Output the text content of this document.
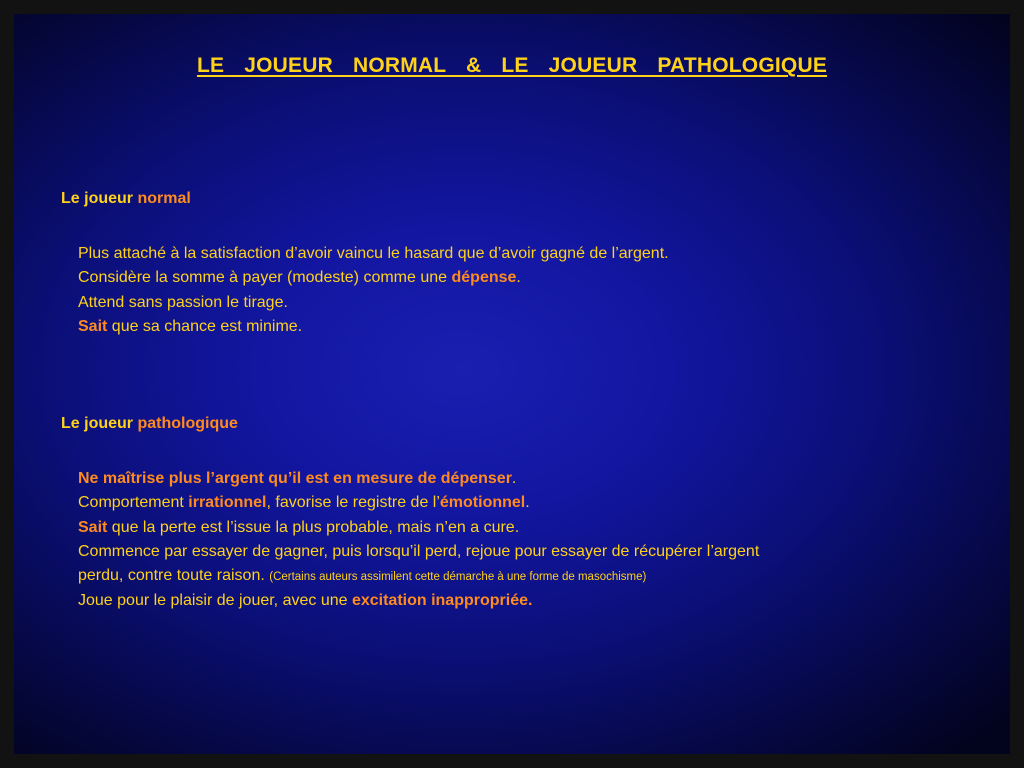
LE JOUEUR NORMAL & LE JOUEUR PATHOLOGIQUE

Le joueur normal

Plus attaché à la satisfaction d’avoir vaincu le hasard que d’avoir gagné de l’argent.
Considère la somme à payer (modeste) comme une dépense.
Attend sans passion le tirage.
Sait que sa chance est minime.

Le joueur pathologique

Ne maîtrise plus l’argent qu’il est en mesure de dépenser.
Comportement irrationnel, favorise le registre de l’émotionnel.
Sait que la perte est l’issue la plus probable, mais n’en a cure.
Commence par essayer de gagner, puis lorsqu’il perd, rejoue pour essayer de récupérer l’argent
perdu, contre toute raison. (Certains auteurs assimilent cette démarche à une forme de masochisme)
Joue pour le plaisir de jouer, avec une excitation inappropriée.
